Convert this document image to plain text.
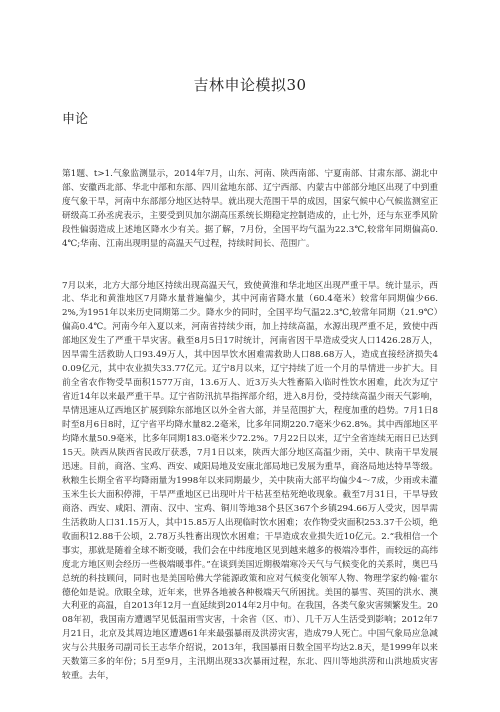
吉林申论模拟30
申论

第1题、t>1.气象监测显示，2014年7月，山东、河南、陕西南部、宁夏南部、甘肃东部、湖北中部、安徽西北部、华北中部和东部、四川盆地东部、辽宁西部、内蒙古中部部分地区出现了中到重度气象干旱，河南中东部部分地区达特旱。就出现大范围干旱的成因，国家气候中心气候监测室正研级高工孙丞虎表示，主要受到贝加尔湖高压系统长期稳定控制造成的，止七外，还与东亚季风阶段性偏弱造成上述地区降水少有关。据了解，7月份，全国平均气温为22.3℃,较常年同期偏高0.4℃;华南、江南出现明显的高温天气过程，持续时间长、范围广。

7月以来，北方大部分地区持续出现高温天气，致使黄淮和华北地区出现严重干旱。统计显示，西北、华北和黄淮地区7月降水量普遍偏少，其中河南省降水量（60.4毫米）较常年同期偏少66.2%,为1951年以来历史同期第二少。降水少的同时，全国平均气温22.3℃,较常年同期（21.9℃）偏高0.4℃。河南今年入夏以来，河南省持续少雨，加上持续高温，水源出现严重不足，致使中西部地区发生了严重干旱灾害。截至8月5日17时统计，河南省因干旱造成受灾人口1426.28万人，因旱需生活救助人口93.49万人，其中因旱饮水困难需救助人口88.68万人，造成直接经济损失40.09亿元，其中农业损失33.77亿元。辽宁8月以来，辽宁持续了近一个月的旱情进一步扩大。目前全省农作物受旱面积1577万亩，13.6万人、近3万头大牲畜陷入临时性饮水困难，此次为辽宁省近14年以来最严重干旱。辽宁省防汛抗旱指挥部介绍，进入8月份，受持续高温少雨天气影响，旱情迅速从辽西地区扩展到除东部地区以外全省大部，并呈范围扩大，程度加重的趋势。7月1日8时至8月6日8时，辽宁省平均降水量82.2毫米，比多年同期220.7毫米少62.8%。其中西部地区平均降水量50.9毫米，比多年同期183.0毫米少72.2%。7月22日以来，辽宁全省连续无雨日已达到15天。陕西从陕西省民政厅获悉，7月1日以来，陕西大部分地区高温少雨，关中、陕南干旱发展迅速。目前，商洛、宝鸡、西安、咸阳局地及安康北部局地已发展为重旱，商洛局地达特旱等级。秋粮生长期全省平均降雨量为1998年以来同期最少，关中陕南大部平均偏少4～7成，少雨或未灌玉米生长大面积停滞，干旱严重地区已出现叶片干枯甚至枯死绝收现象。截至7月31日，干旱导致商洛、西安、咸阳、渭南、汉中、宝鸡、铜川等地38个县区367个乡镇294.66万人受灾，因旱需生活救助人口31.15万人，其中15.85万人出现临时饮水困难；农作物受灾面积253.37千公顷，绝收面积12.88千公顷，2.78万头牲畜出现饮水困难；干旱造成农业损失近10亿元。2.“我相信一个事实，那就是随着全球不断变暖，我们会在中纬度地区见到越来越多的极端冷事件，而较远的高纬度北方地区则会经历一些极端暖事件。”在谈到美国近期极端寒冷天气与气候变化的关系时，奥巴马总统的科技顾问，同时也是美国哈佛大学能源政策和应对气候变化领军人物、物理学家约翰·霍尔德伦如是说。欣眼全球，近年来，世界各地被各种极端天气所困扰。美国的暴雪、英国的洪水、澳大利亚的高温，自2013年12月一直延续到2014年2月中旬。在我国，各类气象灾害频繁发生。2008年初，我国南方遭遇罕见低温雨雪灾害，十余省（区、市）、几千万人生活受到影响；2012年7月21日，北京及其周边地区遭遇61年来最强暴雨及洪涝灾害，造成79人死亡。中国气象局应急减灾与公共服务司副司长王志华介绍说，2013年，我国暴雨日数全国平均达2.8天，是1999年以来天数第三多的年份；5月至9月，主汛期出现33次暴雨过程，东北、四川等地洪涝和山洪地质灾害较重。去年，
